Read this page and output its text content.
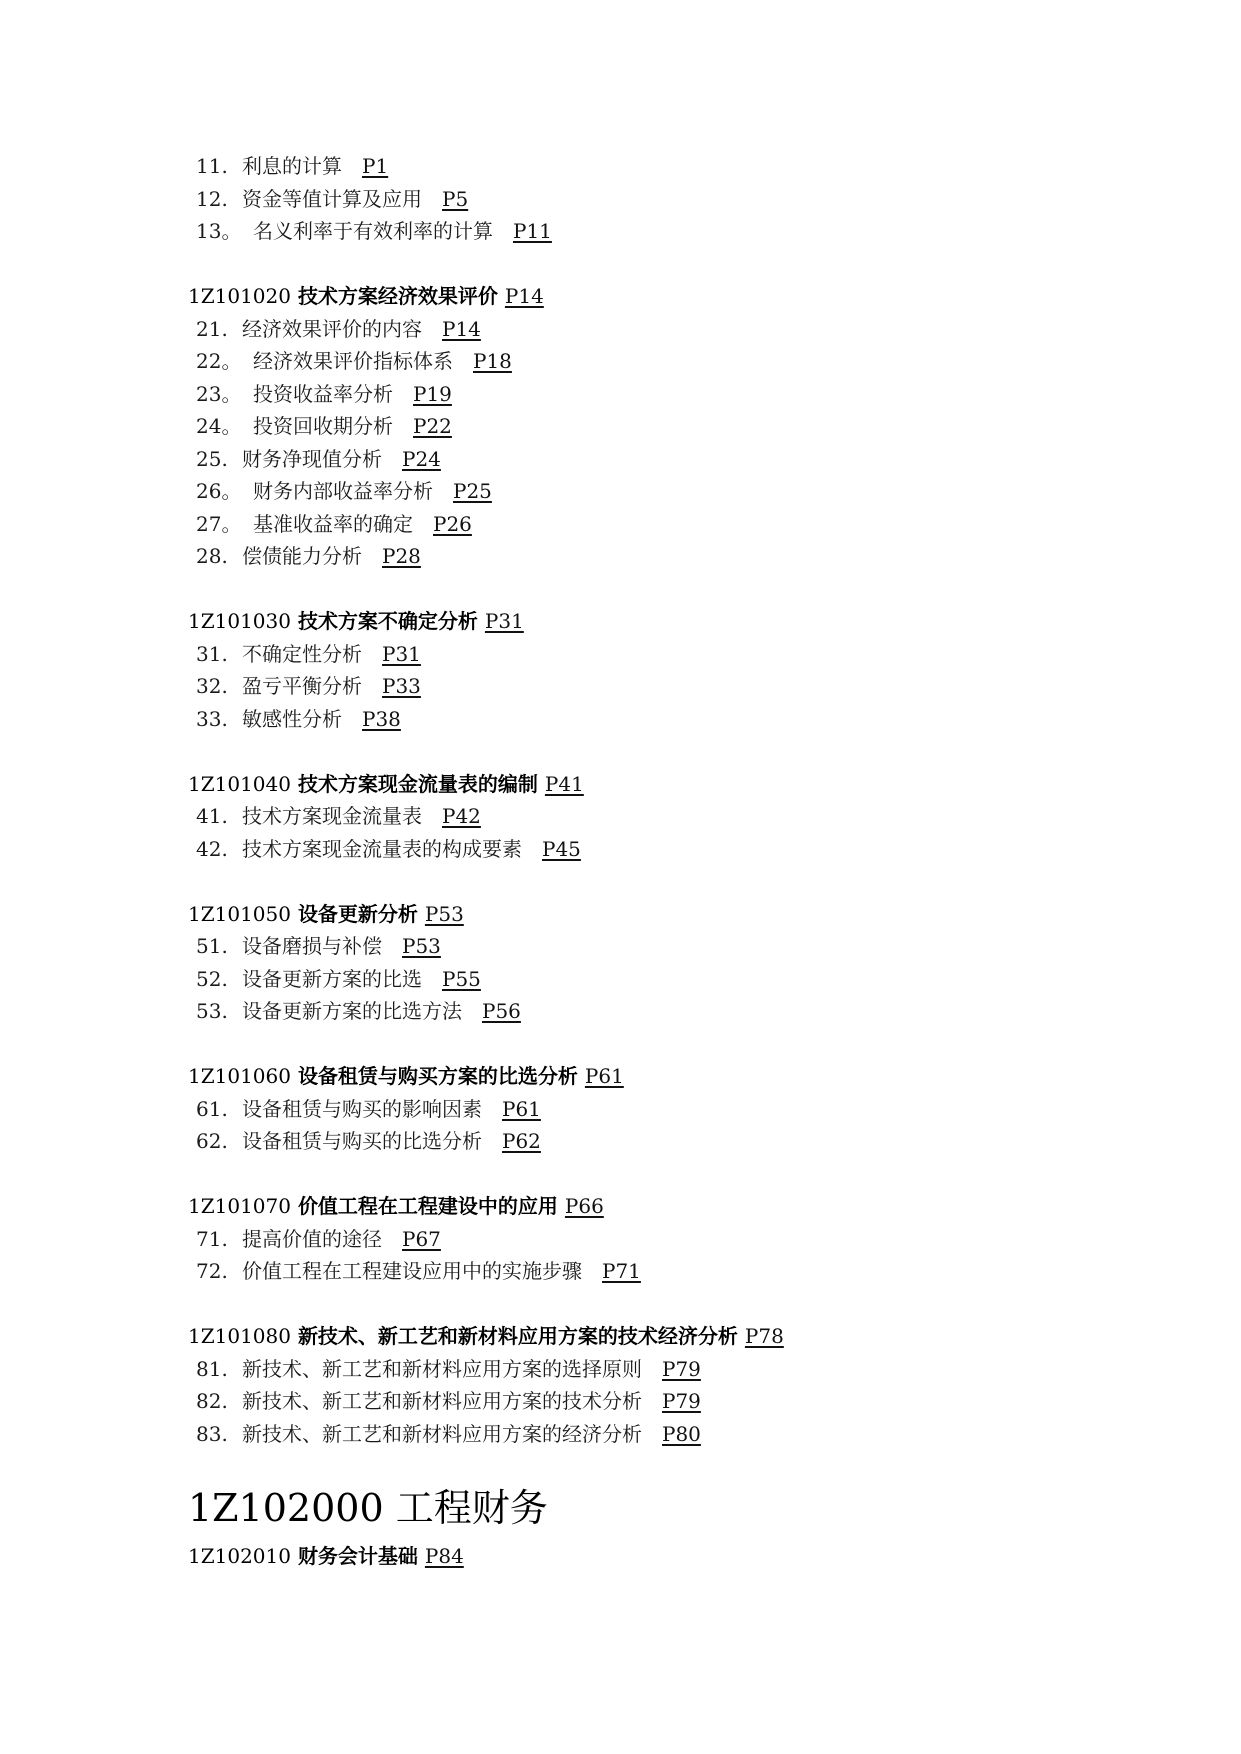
11. 利息的计算 P1
12. 资金等值计算及应用 P5
13。 名义利率于有效利率的计算 P11
1Z101020 技术方案经济效果评价 P14
21. 经济效果评价的内容 P14
22。 经济效果评价指标体系 P18
23。 投资收益率分析 P19
24。 投资回收期分析 P22
25. 财务净现值分析 P24
26。 财务内部收益率分析 P25
27。 基准收益率的确定 P26
28. 偿债能力分析 P28
1Z101030 技术方案不确定分析 P31
31. 不确定性分析 P31
32. 盈亏平衡分析 P33
33. 敏感性分析 P38
1Z101040 技术方案现金流量表的编制 P41
41. 技术方案现金流量表 P42
42. 技术方案现金流量表的构成要素 P45
1Z101050 设备更新分析 P53
51. 设备磨损与补偿 P53
52. 设备更新方案的比选 P55
53. 设备更新方案的比选方法 P56
1Z101060 设备租赁与购买方案的比选分析 P61
61. 设备租赁与购买的影响因素 P61
62. 设备租赁与购买的比选分析 P62
1Z101070 价值工程在工程建设中的应用 P66
71. 提高价值的途径 P67
72. 价值工程在工程建设应用中的实施步骤 P71
1Z101080 新技术、新工艺和新材料应用方案的技术经济分析 P78
81. 新技术、新工艺和新材料应用方案的选择原则 P79
82. 新技术、新工艺和新材料应用方案的技术分析 P79
83. 新技术、新工艺和新材料应用方案的经济分析 P80
1Z102000 工程财务
1Z102010 财务会计基础 P84
